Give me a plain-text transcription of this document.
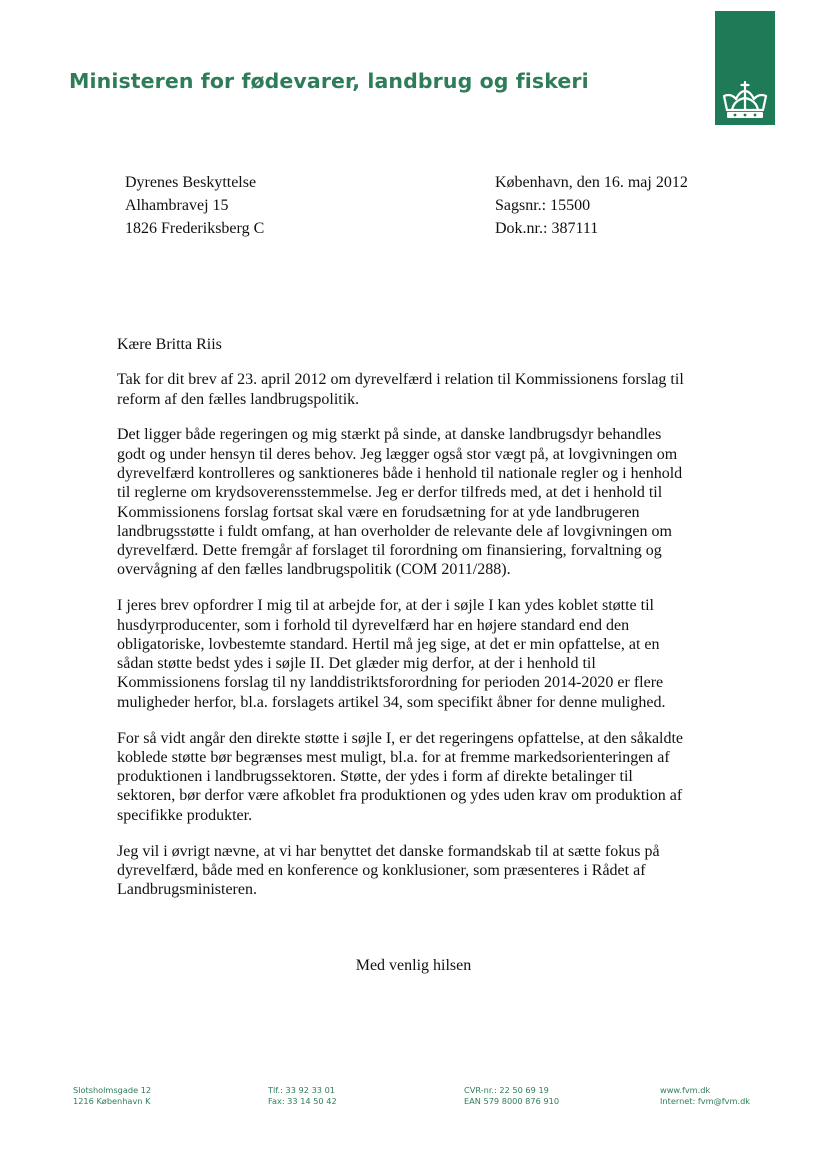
Ministeren for fødevarer, landbrug og fiskeri
Dyrenes Beskyttelse
Alhambravej 15
1826 Frederiksberg C
København, den 16. maj 2012
Sagsnr.: 15500
Dok.nr.: 387111
Kære Britta Riis
Tak for dit brev af 23. april 2012 om dyrevelfærd i relation til Kommissionens forslag til
reform af den fælles landbrugspolitik.
Det ligger både regeringen og mig stærkt på sinde, at danske landbrugsdyr behandles
godt og under hensyn til deres behov. Jeg lægger også stor vægt på, at lovgivningen om
dyrevelfærd kontrolleres og sanktioneres både i henhold til nationale regler og i henhold
til reglerne om krydsoverensstemmelse. Jeg er derfor tilfreds med, at det i henhold til
Kommissionens forslag fortsat skal være en forudsætning for at yde landbrugeren
landbrugsstøtte i fuldt omfang, at han overholder de relevante dele af lovgivningen om
dyrevelfærd. Dette fremgår af forslaget til forordning om finansiering, forvaltning og
overvågning af den fælles landbrugspolitik (COM 2011/288).
I jeres brev opfordrer I mig til at arbejde for, at der i søjle I kan ydes koblet støtte til
husdyrproducenter, som i forhold til dyrevelfærd har en højere standard end den
obligatoriske, lovbestemte standard. Hertil må jeg sige, at det er min opfattelse, at en
sådan støtte bedst ydes i søjle II. Det glæder mig derfor, at der i henhold til
Kommissionens forslag til ny landdistriktsforordning for perioden 2014-2020 er flere
muligheder herfor, bl.a. forslagets artikel 34, som specifikt åbner for denne mulighed.
For så vidt angår den direkte støtte i søjle I, er det regeringens opfattelse, at den såkaldte
koblede støtte bør begrænses mest muligt, bl.a. for at fremme markedsorienteringen af
produktionen i landbrugssektoren. Støtte, der ydes i form af direkte betalinger til
sektoren, bør derfor være afkoblet fra produktionen og ydes uden krav om produktion af
specifikke produkter.
Jeg vil i øvrigt nævne, at vi har benyttet det danske formandskab til at sætte fokus på
dyrevelfærd, både med en konference og konklusioner, som præsenteres i Rådet af
Landbrugsministeren.
Med venlig hilsen
Slotsholmsgade 12
1216 København K
Tlf.: 33 92 33 01
Fax: 33 14 50 42
CVR-nr.: 22 50 69 19
EAN 579 8000 876 910
www.fvm.dk
Internet: fvm@fvm.dk
